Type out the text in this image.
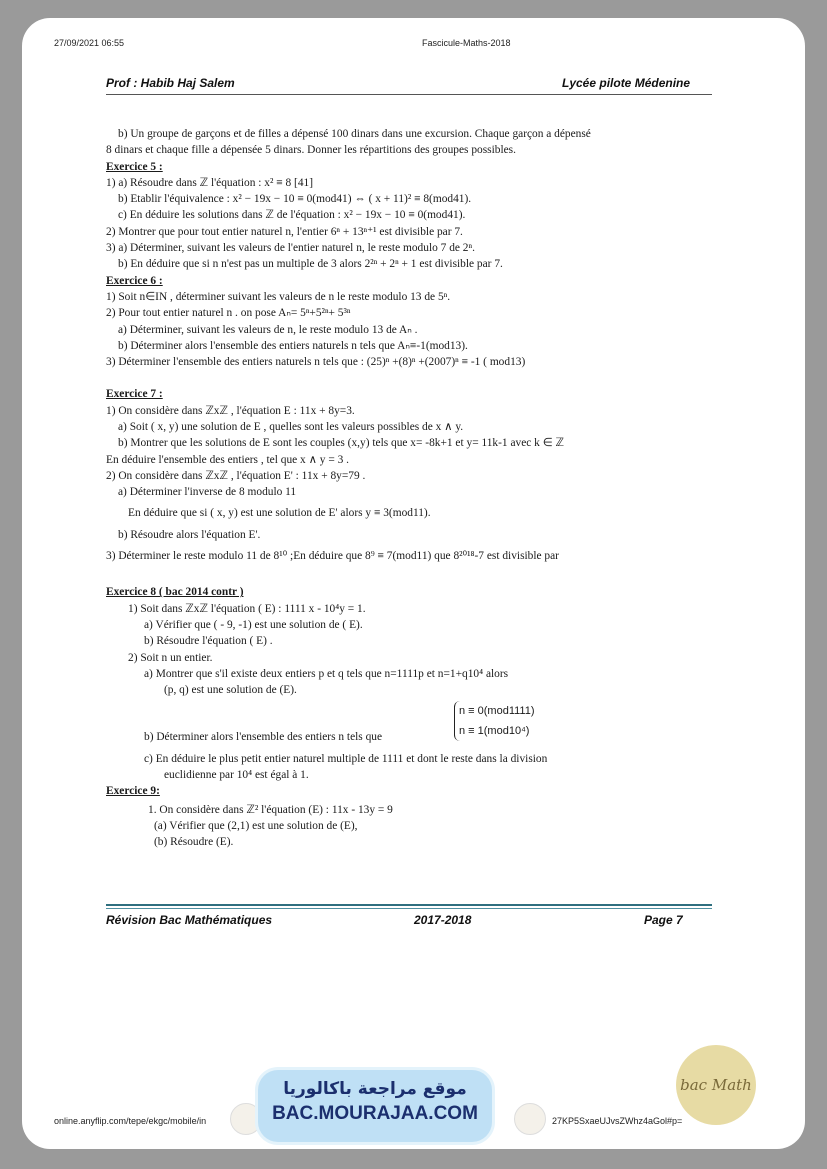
27/09/2021 06:55	Fascicule-Maths-2018
Prof : Habib Haj Salem	Lycée pilote Médenine

b) Un groupe de garçons et de filles a dépensé 100 dinars dans une excursion. Chaque garçon a dépensé

8 dinars et chaque fille a dépensée 5 dinars. Donner les répartitions des groupes possibles.

Exercice 5 :

1) a) Résoudre dans ℤ l'équation : x² ≡ 8 [41]

b) Etablir l'équivalence : x² − 19x − 10 ≡ 0(mod41) ⇔ ( x + 11)² ≡ 8(mod41).

c) En déduire les solutions dans ℤ de l'équation : x² − 19x − 10 ≡ 0(mod41).

2) Montrer que pour tout entier naturel n, l'entier 6ⁿ + 13ⁿ⁺¹ est divisible par 7.

3) a) Déterminer, suivant les valeurs de l'entier naturel n, le reste modulo 7 de 2ⁿ.

b) En déduire que si n n'est pas un multiple de 3 alors 2²ⁿ + 2ⁿ + 1 est divisible par 7.

Exercice 6 :

1) Soit n∈IN , déterminer suivant les valeurs de n le reste modulo 13 de 5ⁿ.

2) Pour tout entier naturel n . on pose Aₙ= 5ⁿ+5²ⁿ+ 5³ⁿ

a) Déterminer, suivant les valeurs de n, le reste modulo 13 de Aₙ .

b) Déterminer alors l'ensemble des entiers naturels n tels que Aₙ≡-1(mod13).

3) Déterminer l'ensemble des entiers naturels n tels que : (25)ⁿ +(8)ⁿ +(2007)ⁿ ≡ -1 ( mod13)

Exercice 7 :

1) On considère dans ℤxℤ , l'équation E : 11x + 8y=3.

a) Soit ( x, y) une solution de E , quelles sont les valeurs possibles de x ∧ y.

b) Montrer que les solutions de E sont les couples (x,y) tels que x= -8k+1 et y= 11k-1 avec k ∈ ℤ

En déduire l'ensemble des entiers , tel que x ∧ y = 3 .

2) On considère dans ℤxℤ , l'équation E' : 11x + 8y=79 .

a) Déterminer l'inverse de 8 modulo 11

En déduire que si ( x, y) est une solution de E' alors y ≡ 3(mod11).

b) Résoudre alors l'équation E'.

3) Déterminer le reste modulo 11 de 8¹⁰ ;En déduire que 8⁹ ≡ 7(mod11) que 8²⁰¹⁸-7 est divisible par

Exercice 8 ( bac 2014 contr )

1) Soit dans ℤxℤ l'équation ( E) : 1111 x - 10⁴y = 1.

a) Vérifier que ( - 9, -1) est une solution de ( E).

b) Résoudre l'équation ( E) .

2) Soit n un entier.

a) Montrer que s'il existe deux entiers p et q tels que n=1111p et n=1+q10⁴ alors

(p, q) est une solution de (E).

n ≡ 0(mod1111)
n ≡ 1(mod10⁴)

b) Déterminer alors l'ensemble des entiers n tels que

c) En déduire le plus petit entier naturel multiple de 1111 et dont le reste dans la division

euclidienne par 10⁴ est égal à 1.

Exercice 9:

1. On considère dans ℤ² l'équation (E) : 11x - 13y = 9

(a) Vérifier que (2,1) est une solution de (E),

(b) Résoudre (E).

Révision Bac Mathématiques	2017-2018	Page 7
online.anyflip.com/tepe/ekgc/mobile/in	27KP5SxaeUJvsZWhz4aGol#p=
موقع مراجعة باكالوريا
BAC.MOURAJAA.COM
bac Math
